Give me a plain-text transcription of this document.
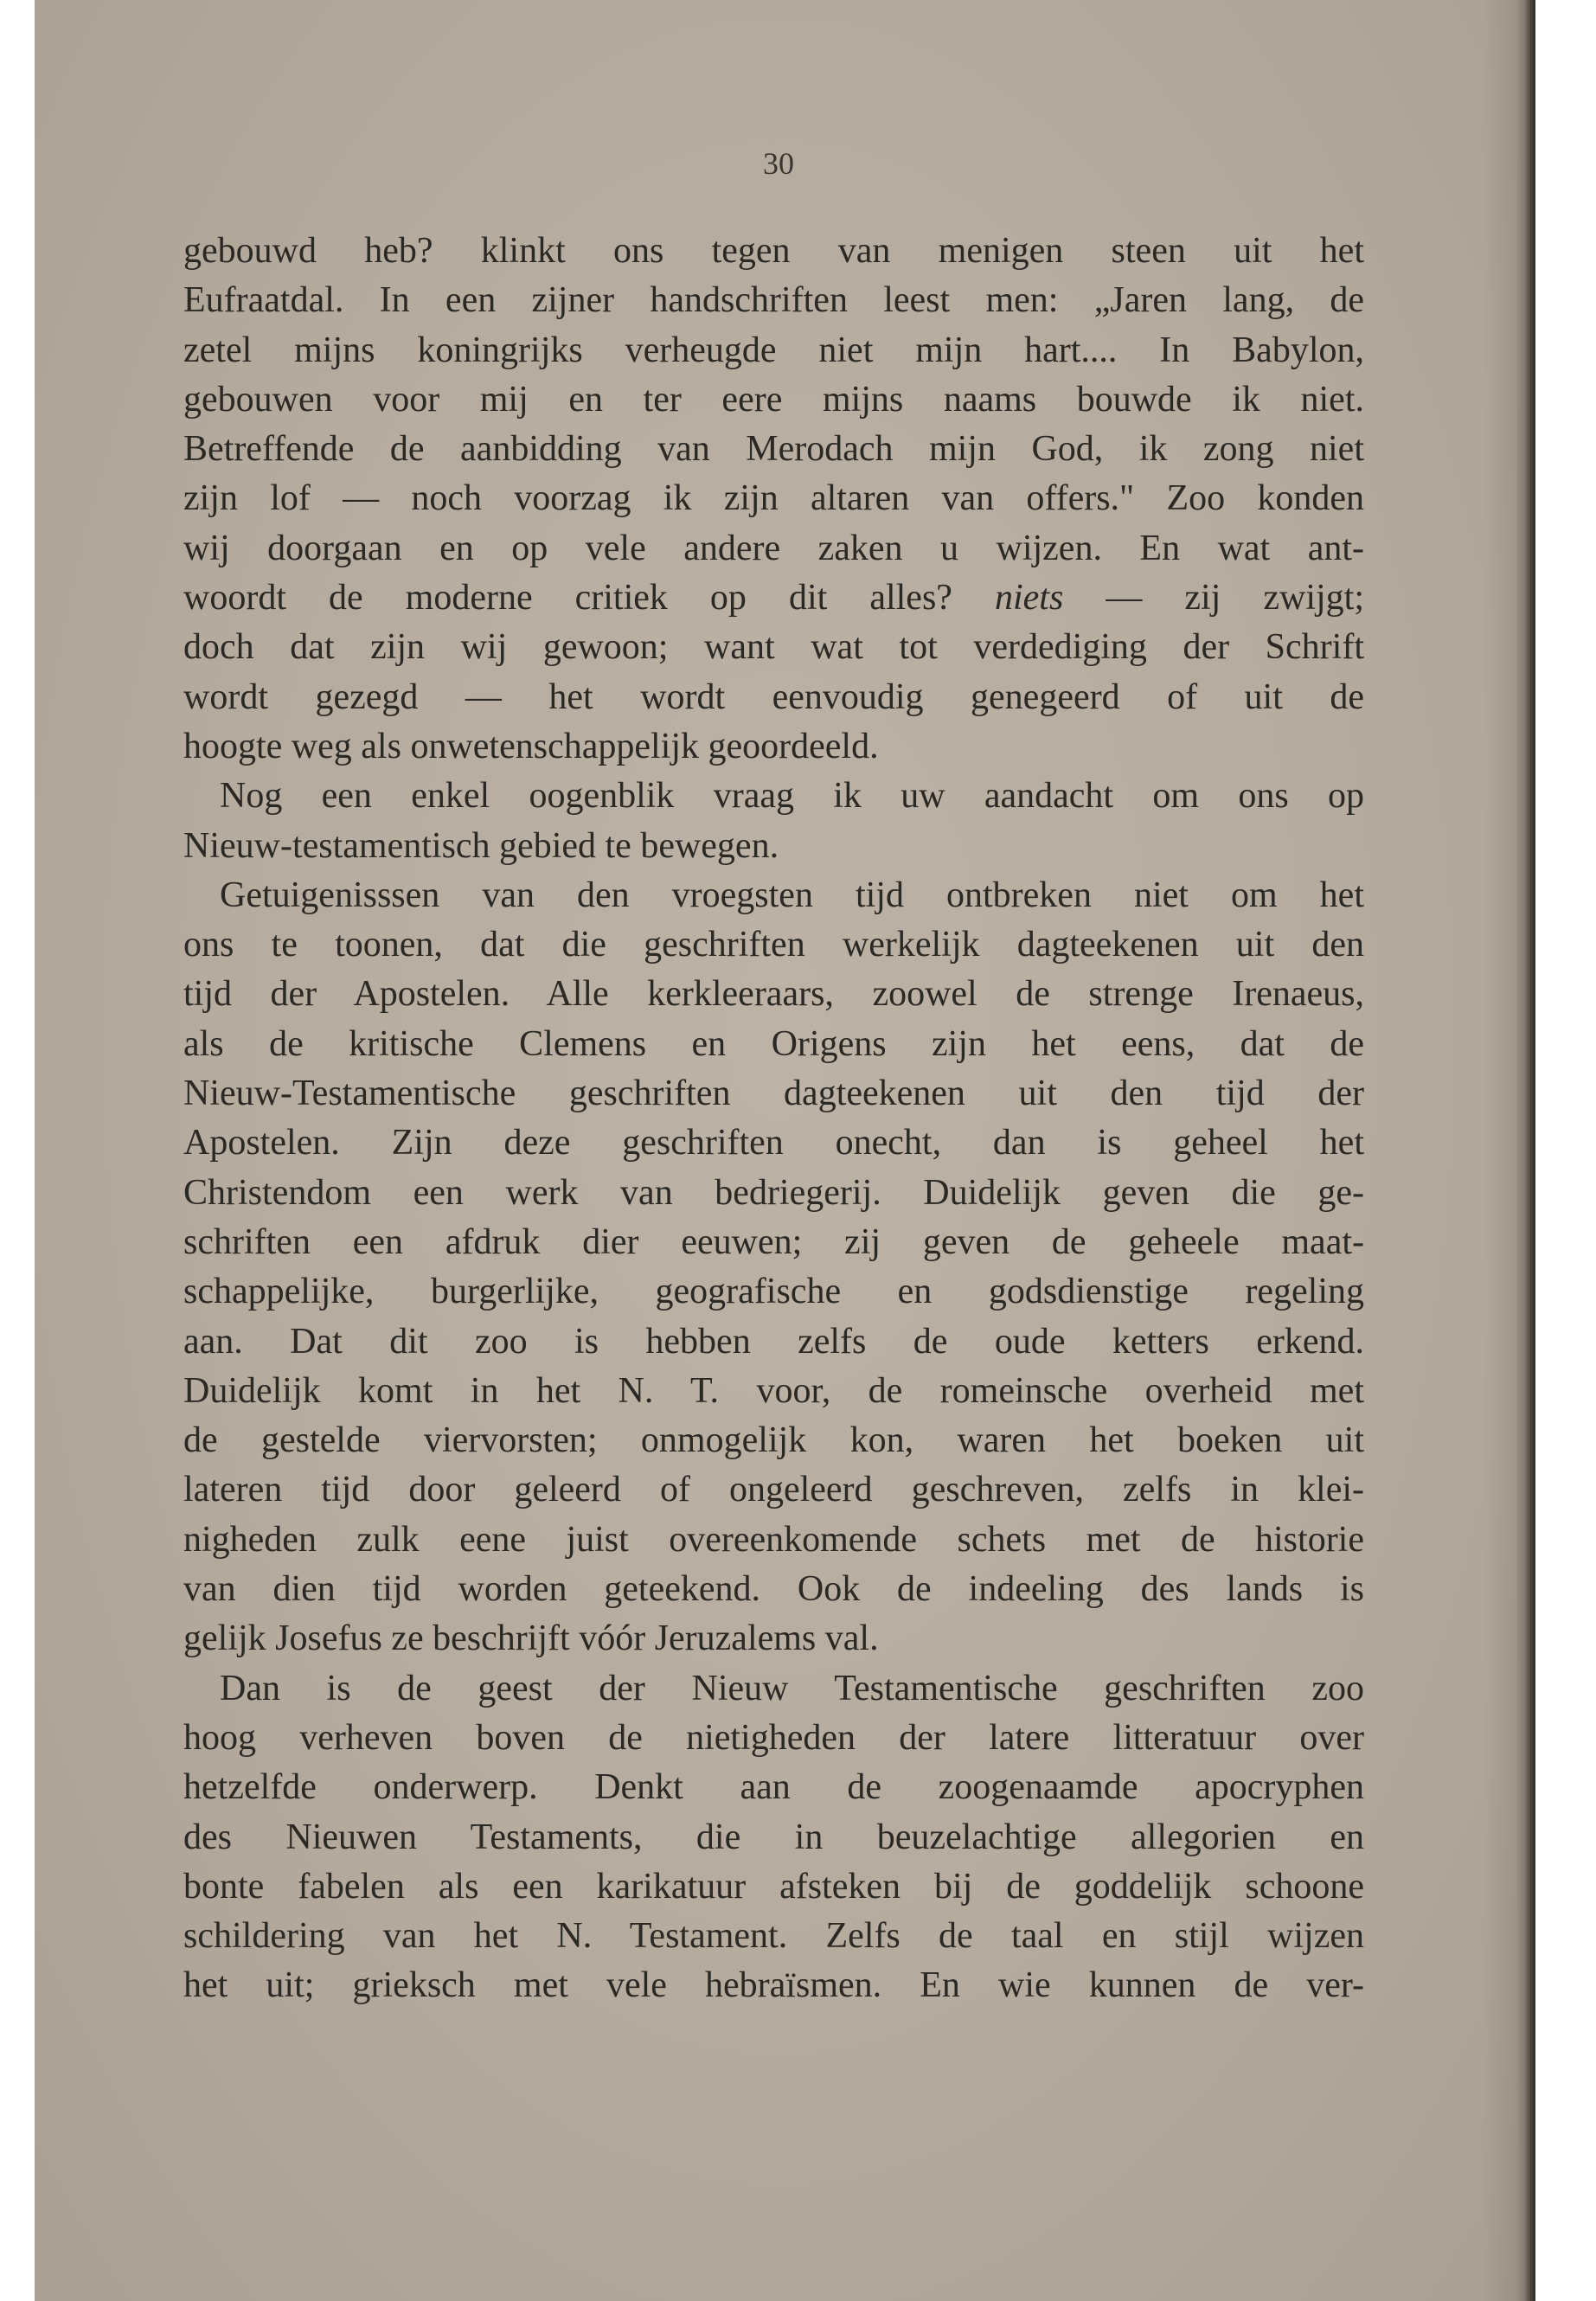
30
gebouwd heb? klinkt ons tegen van menigen steen uit het
Eufraatdal. In een zijner handschriften leest men: „Jaren lang, de
zetel mijns koningrijks verheugde niet mijn hart.... In Babylon,
gebouwen voor mij en ter eere mijns naams bouwde ik niet.
Betreffende de aanbidding van Merodach mijn God, ik zong niet
zijn lof — noch voorzag ik zijn altaren van offers." Zoo konden
wij doorgaan en op vele andere zaken u wijzen. En wat ant-
woordt de moderne critiek op dit alles? niets — zij zwijgt;
doch dat zijn wij gewoon; want wat tot verdediging der Schrift
wordt gezegd — het wordt eenvoudig genegeerd of uit de
hoogte weg als onwetenschappelijk geoordeeld.
Nog een enkel oogenblik vraag ik uw aandacht om ons op
Nieuw-testamentisch gebied te bewegen.
Getuigenisssen van den vroegsten tijd ontbreken niet om het
ons te toonen, dat die geschriften werkelijk dagteekenen uit den
tijd der Apostelen. Alle kerkleeraars, zoowel de strenge Irenaeus,
als de kritische Clemens en Origens zijn het eens, dat de
Nieuw-Testamentische geschriften dagteekenen uit den tijd der
Apostelen. Zijn deze geschriften onecht, dan is geheel het
Christendom een werk van bedriegerij. Duidelijk geven die ge-
schriften een afdruk dier eeuwen; zij geven de geheele maat-
schappelijke, burgerlijke, geografische en godsdienstige regeling
aan. Dat dit zoo is hebben zelfs de oude ketters erkend.
Duidelijk komt in het N. T. voor, de romeinsche overheid met
de gestelde viervorsten; onmogelijk kon, waren het boeken uit
lateren tijd door geleerd of ongeleerd geschreven, zelfs in klei-
nigheden zulk eene juist overeenkomende schets met de historie
van dien tijd worden geteekend. Ook de indeeling des lands is
gelijk Josefus ze beschrijft vóór Jeruzalems val.
Dan is de geest der Nieuw Testamentische geschriften zoo
hoog verheven boven de nietigheden der latere litteratuur over
hetzelfde onderwerp. Denkt aan de zoogenaamde apocryphen
des Nieuwen Testaments, die in beuzelachtige allegorien en
bonte fabelen als een karikatuur afsteken bij de goddelijk schoone
schildering van het N. Testament. Zelfs de taal en stijl wijzen
het uit; grieksch met vele hebraïsmen. En wie kunnen de ver-
